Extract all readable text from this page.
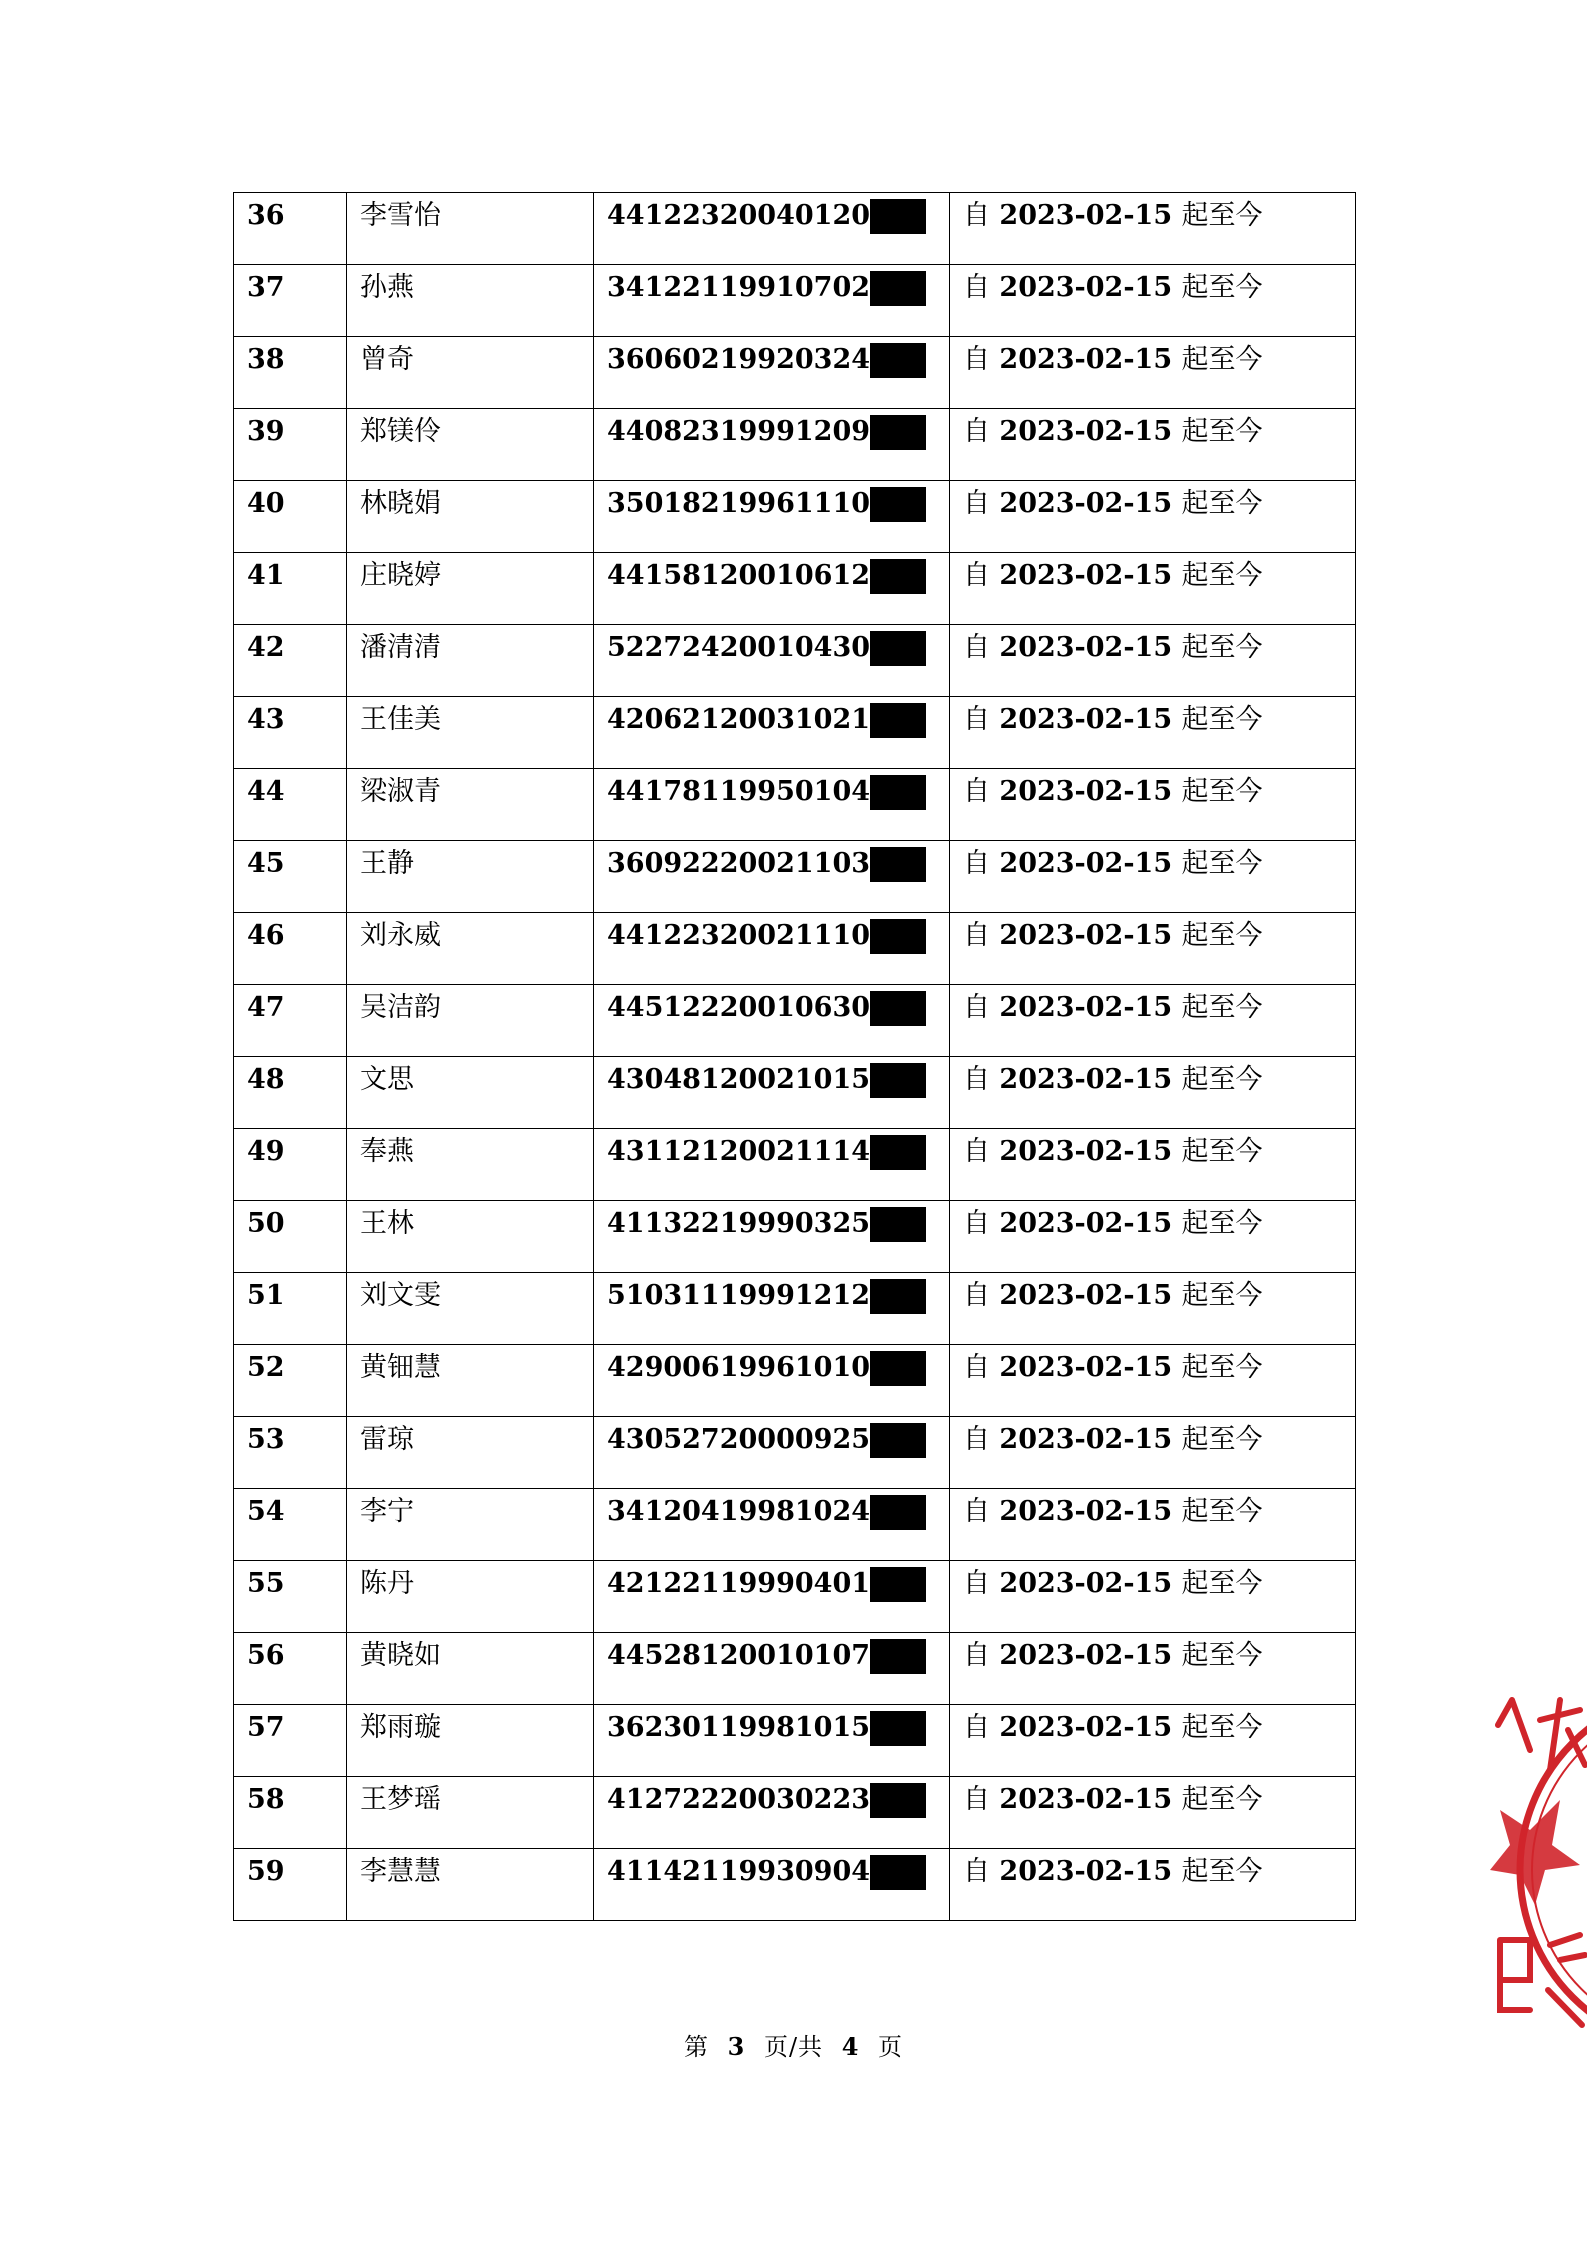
36	李雪怡	44122320040120	自 2023-02-15 起至今
37	孙燕	34122119910702	自 2023-02-15 起至今
38	曾奇	36060219920324	自 2023-02-15 起至今
39	郑镁伶	44082319991209	自 2023-02-15 起至今
40	林晓娟	35018219961110	自 2023-02-15 起至今
41	庄晓婷	44158120010612	自 2023-02-15 起至今
42	潘清清	52272420010430	自 2023-02-15 起至今
43	王佳美	42062120031021	自 2023-02-15 起至今
44	梁淑青	44178119950104	自 2023-02-15 起至今
45	王静	36092220021103	自 2023-02-15 起至今
46	刘永威	44122320021110	自 2023-02-15 起至今
47	吴洁韵	44512220010630	自 2023-02-15 起至今
48	文思	43048120021015	自 2023-02-15 起至今
49	奉燕	43112120021114	自 2023-02-15 起至今
50	王林	41132219990325	自 2023-02-15 起至今
51	刘文雯	51031119991212	自 2023-02-15 起至今
52	黄钿慧	42900619961010	自 2023-02-15 起至今
53	雷琼	43052720000925	自 2023-02-15 起至今
54	李宁	34120419981024	自 2023-02-15 起至今
55	陈丹	42122119990401	自 2023-02-15 起至今
56	黄晓如	44528120010107	自 2023-02-15 起至今
57	郑雨璇	36230119981015	自 2023-02-15 起至今
58	王梦瑶	41272220030223	自 2023-02-15 起至今
59	李慧慧	41142119930904	自 2023-02-15 起至今
第 3 页/共 4 页
